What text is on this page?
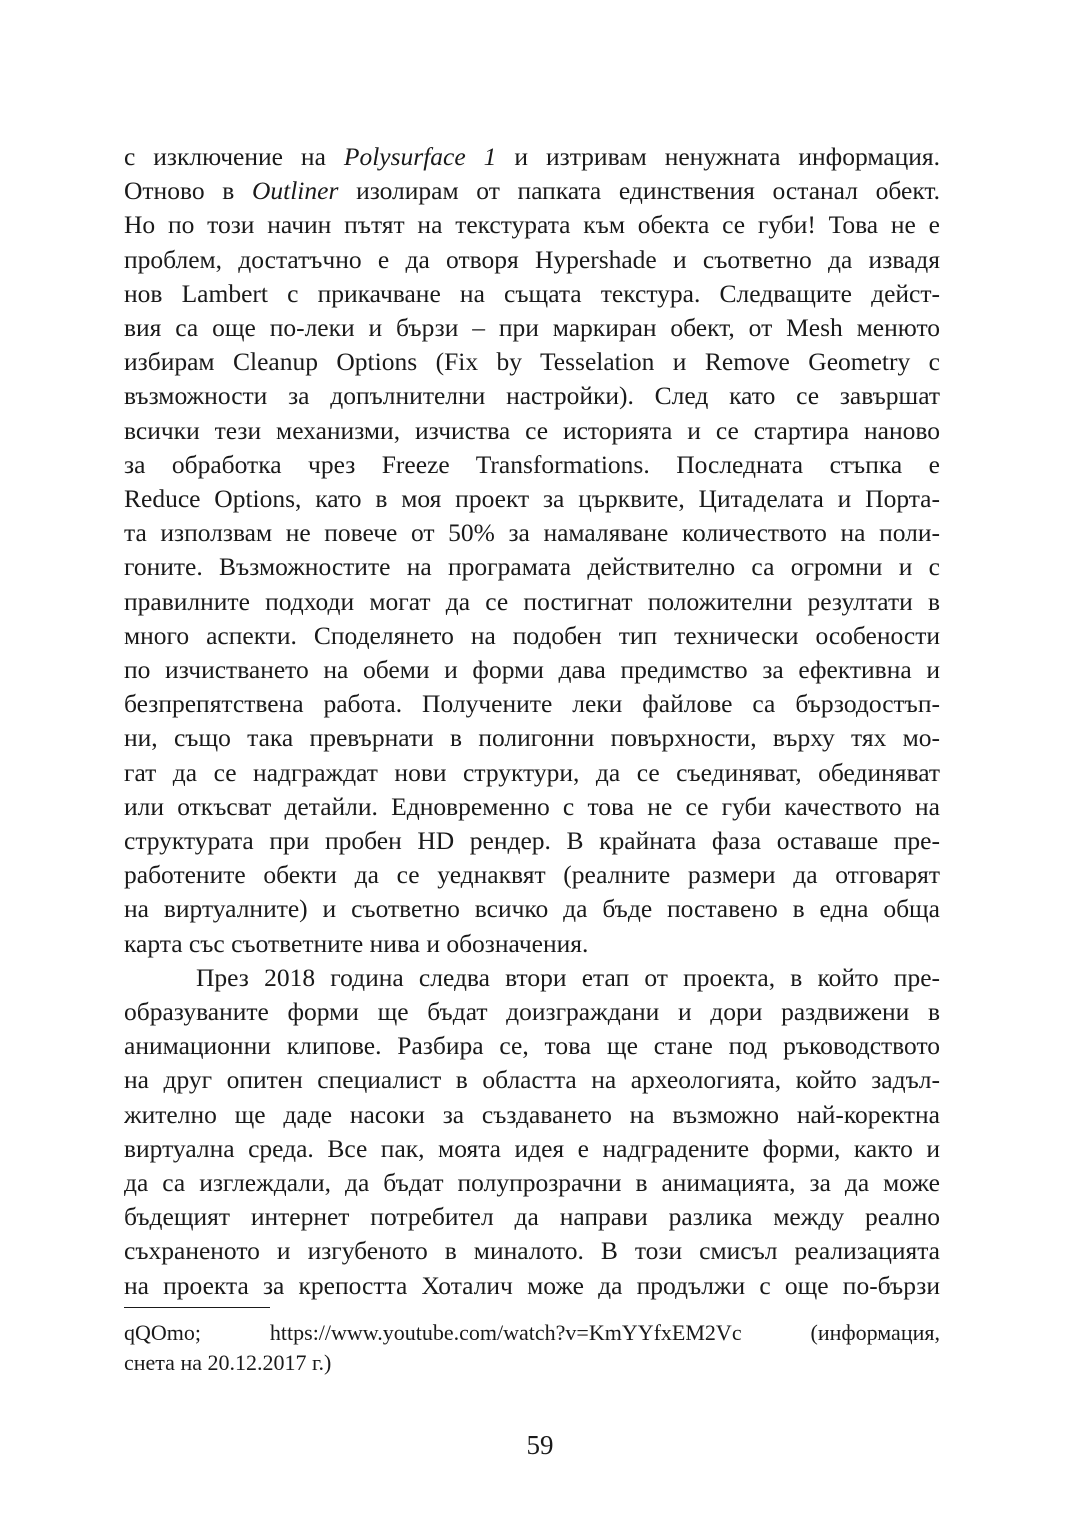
с изключение на Polysurface 1 и изтривам ненужната информация.
Отново в Outliner изолирам от папката единствения останал обект.
Но по този начин пътят на текстурата към обекта се губи! Това не е
проблем, достатъчно е да отворя Hypershade и съответно да извадя
нов Lambert с прикачване на същата текстура. Следващите дейст-
вия са още по-леки и бързи – при маркиран обект, от Mesh менюто
избирам Cleanup Options (Fix by Tesselation и Remove Geometry с
възможности за допълнителни настройки). След като се завършат
всички тези механизми, изчиства се историята и се стартира наново
за обработка чрез Freeze Transformations. Последната стъпка е
Reduce Options, като в моя проект за църквите, Цитаделата и Порта-
та използвам не повече от 50% за намаляване количеството на поли-
гоните. Възможностите на програмата действително са огромни и с
правилните подходи могат да се постигнат положителни резултати в
много аспекти. Споделянето на подобен тип технически особености
по изчистването на обеми и форми дава предимство за ефективна и
безпрепятствена работа. Получените леки файлове са бързодостъп-
ни, също така превърнати в полигонни повърхности, върху тях мо-
гат да се надграждат нови структури, да се съединяват, обединяват
или откъсват детайли. Едновременно с това не се губи качеството на
структурата при пробен HD рендер. В крайната фаза оставаше пре-
работените обекти да се уеднаквят (реалните размери да отговарят
на виртуалните) и съответно всичко да бъде поставено в една обща
карта със съответните нива и обозначения.
През 2018 година следва втори етап от проекта, в който пре-
образуваните форми ще бъдат доизграждани и дори раздвижени в
анимационни клипове. Разбира се, това ще стане под ръководството
на друг опитен специалист в областта на археологията, който задъл-
жително ще даде насоки за създаването на възможно най-коректна
виртуална среда. Все пак, моята идея е надградените форми, както и
да са изглеждали, да бъдат полупрозрачни в анимацията, за да може
бъдещият интернет потребител да направи разлика между реално
съхраненото и изгубеното в миналото. В този смисъл реализацията
на проекта за крепостта Хоталич може да продължи с още по-бързи
qQOmo; https://www.youtube.com/watch?v=KmYYfxEM2Vc (информация,
снета на 20.12.2017 г.)
59
